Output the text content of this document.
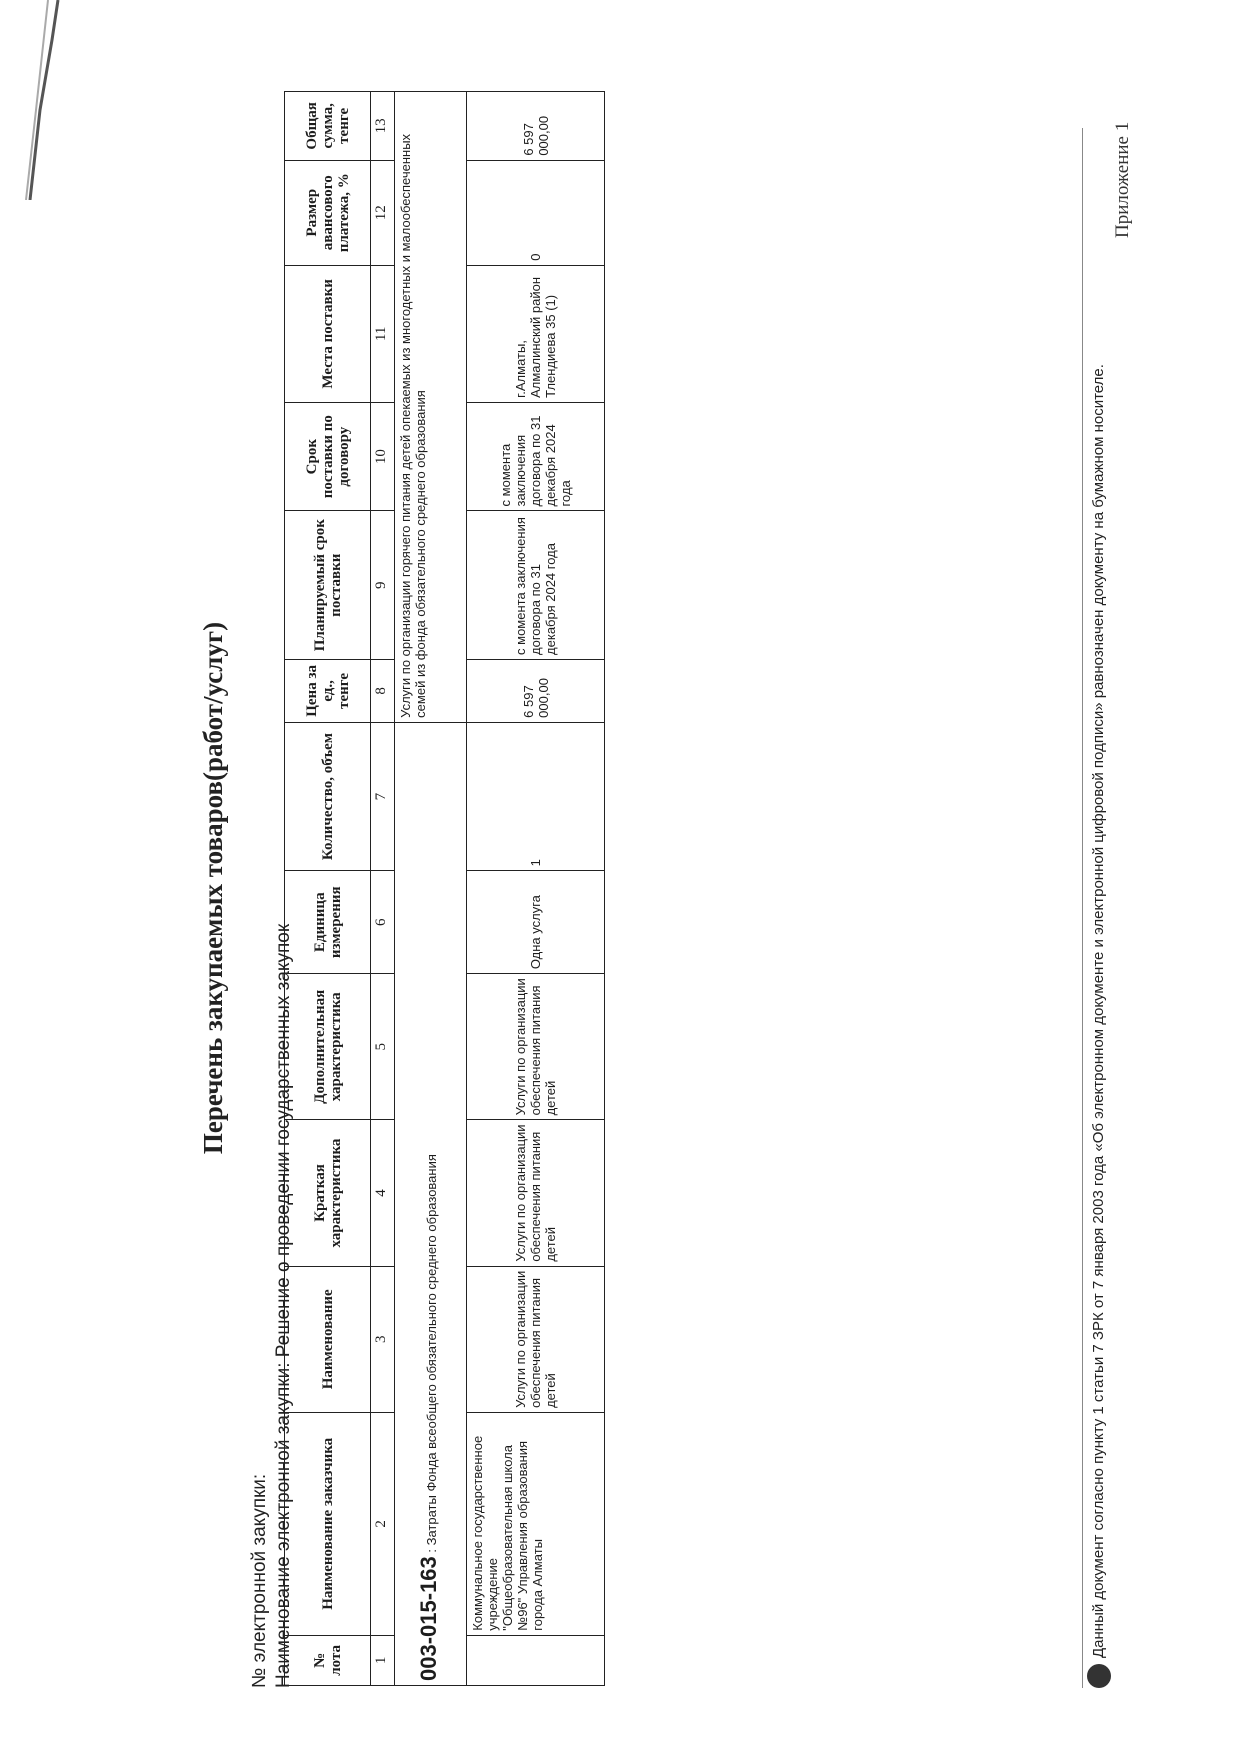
Приложение 1
Перечень закупаемых товаров(работ/услуг)
№ электронной закупки: Наименование электронной закупки: Решение о проведении государственных закупок № лота	Наименование заказчика	Наименование	Краткая характеристика	Дополнительная характеристика	Единица измерения	Количество, объем	Цена за ед., тенге	Планируемый срок поставки	Срок поставки по договору	Места поставки	Размер авансового платежа, %	Общая сумма, тенге
1	2	3	4	5	6	7	8	9	10	11	12	13
003-015-163 : Затраты Фонда всеобщего обязательного среднего образования							Услуги по организации горячего питания детей опекаемых из многодетных и малообеспеченных семей из фонда обязательного среднего образования					
	Коммунальное государственное учреждение "Общеобразовательная школа №96" Управления образования города Алматы	Услуги по организации обеспечения питания детей	Услуги по организации обеспечения питания детей	Услуги по организации обеспечения питания детей	Одна услуга	1	6 597 000,00	с момента заключения договора по 31 декабря 2024 года	с момента заключения договора по 31 декабря 2024 года	г.Алматы, Алмалинский район Тлендиева 35 (1)	0	6 597 000,00
Данный документ согласно пункту 1 статьи 7 ЗРК от 7 января 2003 года «Об электронном документе и электронной цифровой подписи» равнозначен документу на бумажном носителе.
